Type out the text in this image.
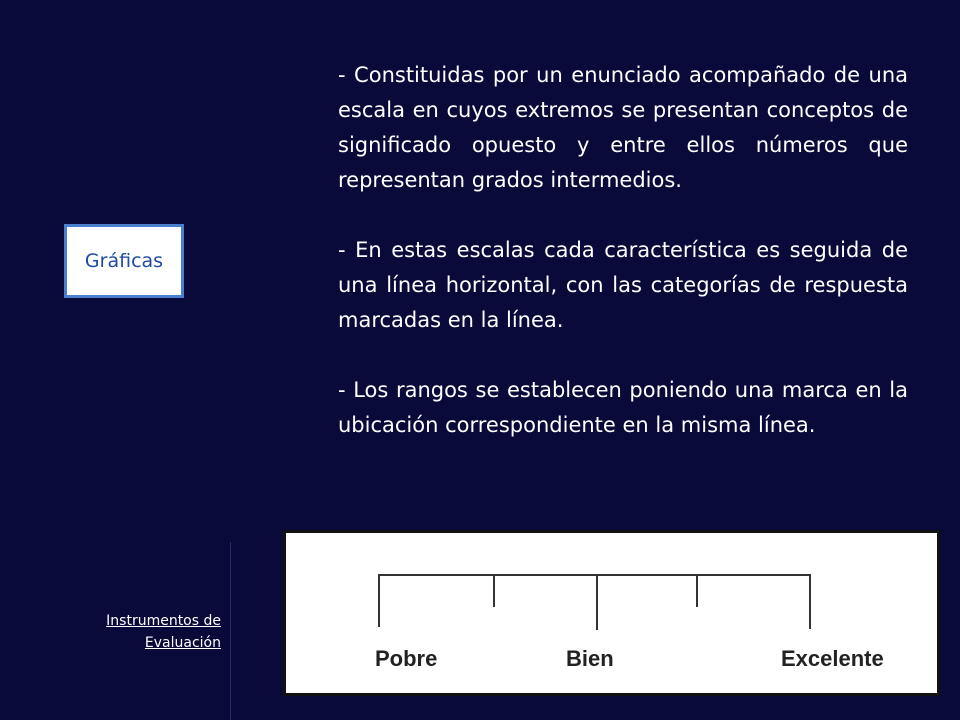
Gráficas

- Constituidas por un enunciado acompañado de una escala en cuyos extremos se presentan conceptos de significado opuesto y entre ellos números que representan grados intermedios.

- En estas escalas cada característica es seguida de una línea horizontal, con las categorías de respuesta marcadas en la línea.

- Los rangos se establecen poniendo una marca en la ubicación correspondiente en la misma línea.

Instrumentos de
Evaluación
Pobre	Bien	Excelente
